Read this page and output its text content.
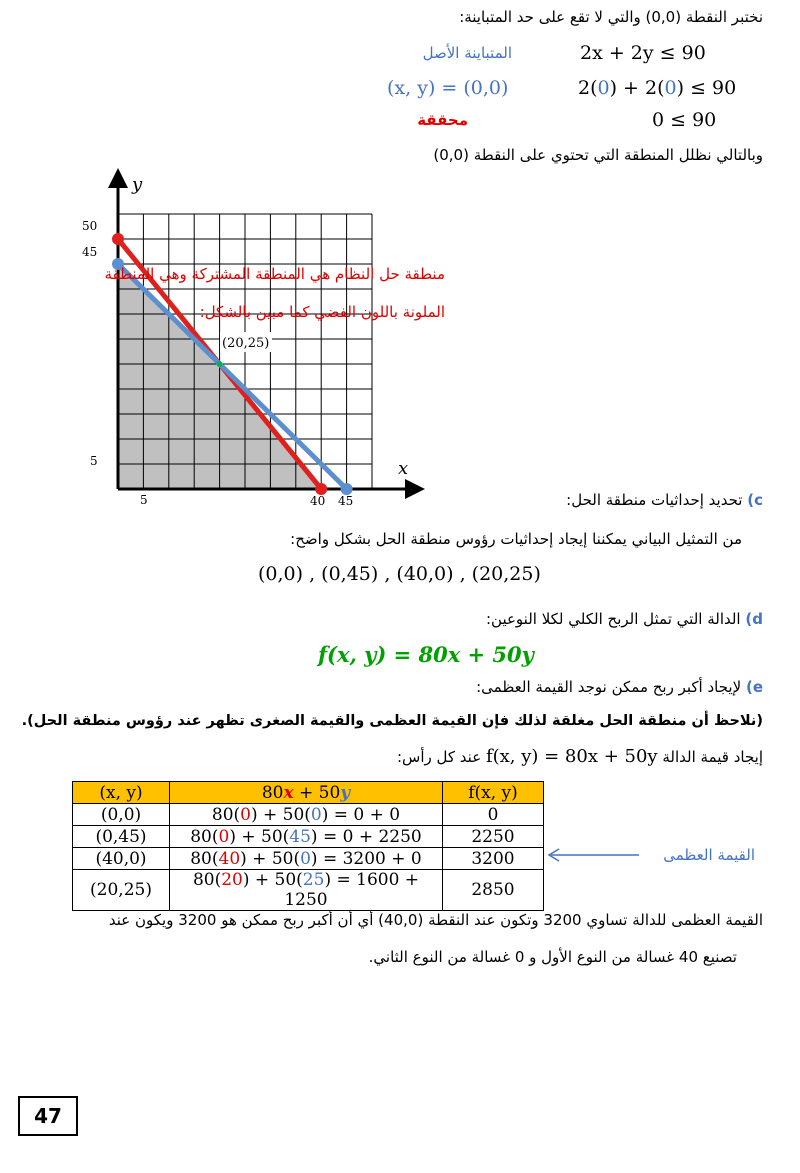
نختبر النقطة (0,0) والتي لا تقع على حد المتباينة:
المتباينة الأصل	2x + 2y ≤ 90
(x, y) = (0,0)	2(0) + 2(0) ≤ 90
محققة	0 ≤ 90
وبالتالي نظلل المنطقة التي تحتوي على النقطة (0,0)
y
x
50
45
5
5	40 45
(20,25)
منطقة حل النظام هي المنطقة المشتركة وهي المنطقة
الملونة باللون الفضي كما مبين بالشكل:
c) تحديد إحداثيات منطقة الحل:
من التمثيل البياني يمكننا إيجاد إحداثيات رؤوس منطقة الحل بشكل واضح:
(0,0) , (0,45) , (40,0) , (20,25)
d) الدالة التي تمثل الربح الكلي لكلا النوعين:
f(x, y) = 80x + 50y
e) لإيجاد أكبر ربح ممكن نوجد القيمة العظمى:
(نلاحظ أن منطقة الحل مغلقة لذلك فإن القيمة العظمى والقيمة الصغرى تظهر عند رؤوس منطقة الحل).
إيجاد قيمة الدالة f(x, y) = 80x + 50y عند كل رأس:
(x, y)	80x + 50y	f(x, y)
(0,0)	80(0) + 50(0) = 0 + 0	0
(0,45)	80(0) + 50(45) = 0 + 2250	2250
(40,0)	80(40) + 50(0) = 3200 + 0	3200
(20,25)	80(20) + 50(25) = 1600 + 1250	2850
القيمة العظمى
القيمة العظمى للدالة تساوي 3200 وتكون عند النقطة (40,0) أي أن أكبر ربح ممكن هو 3200 ويكون عند
تصنيع 40 غسالة من النوع الأول و 0 غسالة من النوع الثاني.
47
